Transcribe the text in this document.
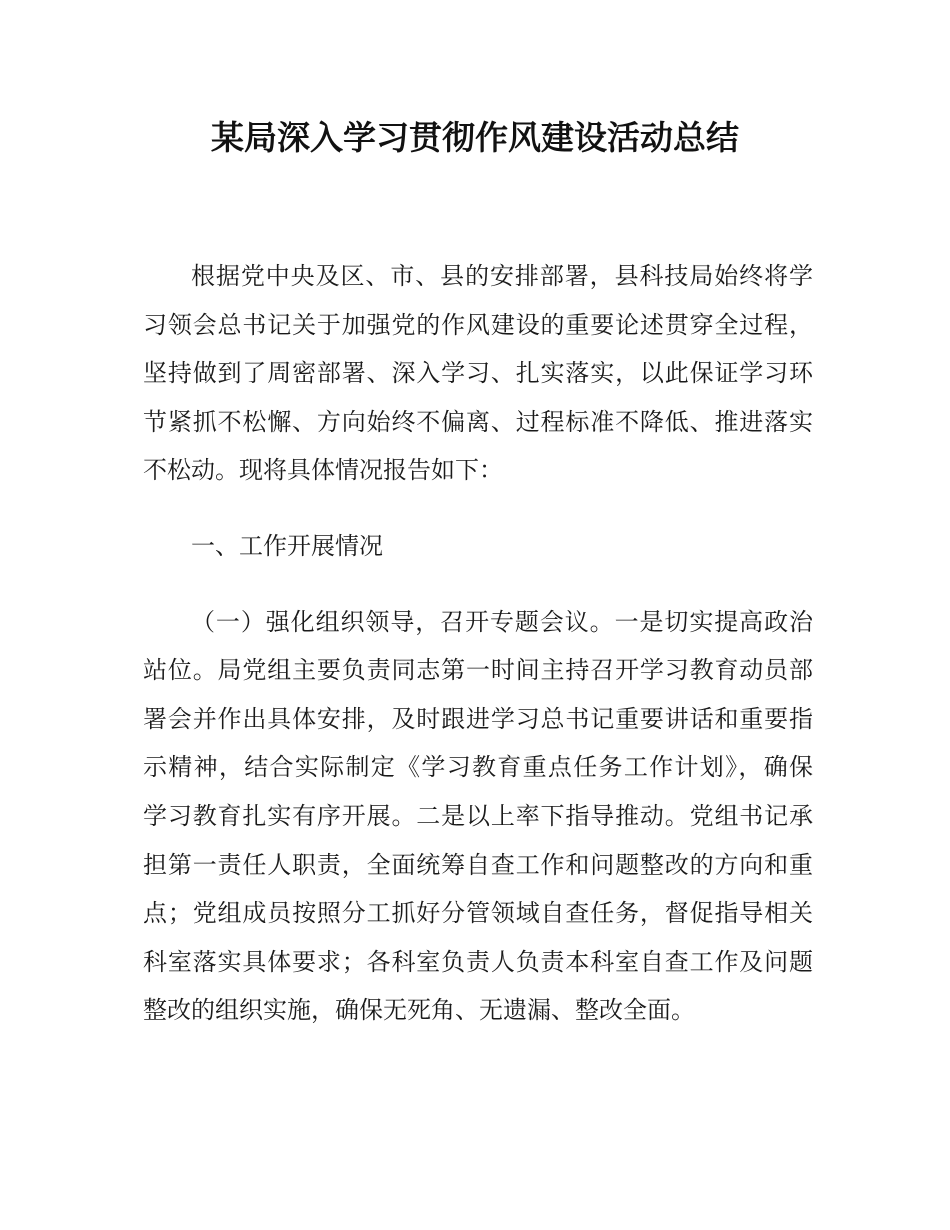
某局深入学习贯彻作风建设活动总结

根据党中央及区、市、县的安排部署，县科技局始终将学

习领会总书记关于加强党的作风建设的重要论述贯穿全过程，

坚持做到了周密部署、深入学习、扎实落实，以此保证学习环

节紧抓不松懈、方向始终不偏离、过程标准不降低、推进落实

不松动。现将具体情况报告如下：

一、工作开展情况

（一）强化组织领导，召开专题会议。一是切实提高政治

站位。局党组主要负责同志第一时间主持召开学习教育动员部

署会并作出具体安排，及时跟进学习总书记重要讲话和重要指

示精神，结合实际制定《学习教育重点任务工作计划》，确保

学习教育扎实有序开展。二是以上率下指导推动。党组书记承

担第一责任人职责，全面统筹自查工作和问题整改的方向和重

点；党组成员按照分工抓好分管领域自查任务，督促指导相关

科室落实具体要求；各科室负责人负责本科室自查工作及问题

整改的组织实施，确保无死角、无遗漏、整改全面。
